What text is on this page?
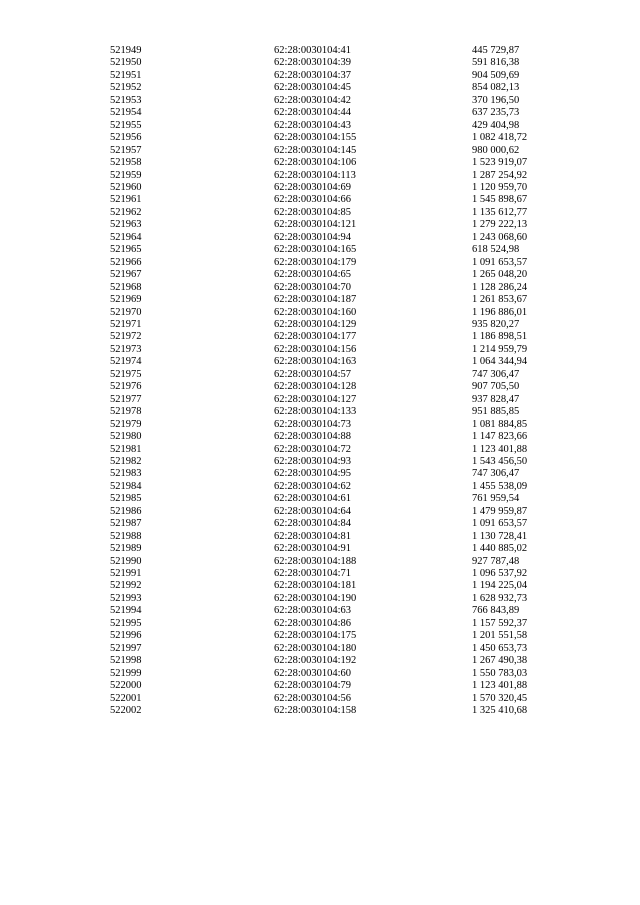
521949	62:28:0030104:41	445 729,87
521950	62:28:0030104:39	591 816,38
521951	62:28:0030104:37	904 509,69
521952	62:28:0030104:45	854 082,13
521953	62:28:0030104:42	370 196,50
521954	62:28:0030104:44	637 235,73
521955	62:28:0030104:43	429 404,98
521956	62:28:0030104:155	1 082 418,72
521957	62:28:0030104:145	980 000,62
521958	62:28:0030104:106	1 523 919,07
521959	62:28:0030104:113	1 287 254,92
521960	62:28:0030104:69	1 120 959,70
521961	62:28:0030104:66	1 545 898,67
521962	62:28:0030104:85	1 135 612,77
521963	62:28:0030104:121	1 279 222,13
521964	62:28:0030104:94	1 243 068,60
521965	62:28:0030104:165	618 524,98
521966	62:28:0030104:179	1 091 653,57
521967	62:28:0030104:65	1 265 048,20
521968	62:28:0030104:70	1 128 286,24
521969	62:28:0030104:187	1 261 853,67
521970	62:28:0030104:160	1 196 886,01
521971	62:28:0030104:129	935 820,27
521972	62:28:0030104:177	1 186 898,51
521973	62:28:0030104:156	1 214 959,79
521974	62:28:0030104:163	1 064 344,94
521975	62:28:0030104:57	747 306,47
521976	62:28:0030104:128	907 705,50
521977	62:28:0030104:127	937 828,47
521978	62:28:0030104:133	951 885,85
521979	62:28:0030104:73	1 081 884,85
521980	62:28:0030104:88	1 147 823,66
521981	62:28:0030104:72	1 123 401,88
521982	62:28:0030104:93	1 543 456,50
521983	62:28:0030104:95	747 306,47
521984	62:28:0030104:62	1 455 538,09
521985	62:28:0030104:61	761 959,54
521986	62:28:0030104:64	1 479 959,87
521987	62:28:0030104:84	1 091 653,57
521988	62:28:0030104:81	1 130 728,41
521989	62:28:0030104:91	1 440 885,02
521990	62:28:0030104:188	927 787,48
521991	62:28:0030104:71	1 096 537,92
521992	62:28:0030104:181	1 194 225,04
521993	62:28:0030104:190	1 628 932,73
521994	62:28:0030104:63	766 843,89
521995	62:28:0030104:86	1 157 592,37
521996	62:28:0030104:175	1 201 551,58
521997	62:28:0030104:180	1 450 653,73
521998	62:28:0030104:192	1 267 490,38
521999	62:28:0030104:60	1 550 783,03
522000	62:28:0030104:79	1 123 401,88
522001	62:28:0030104:56	1 570 320,45
522002	62:28:0030104:158	1 325 410,68
